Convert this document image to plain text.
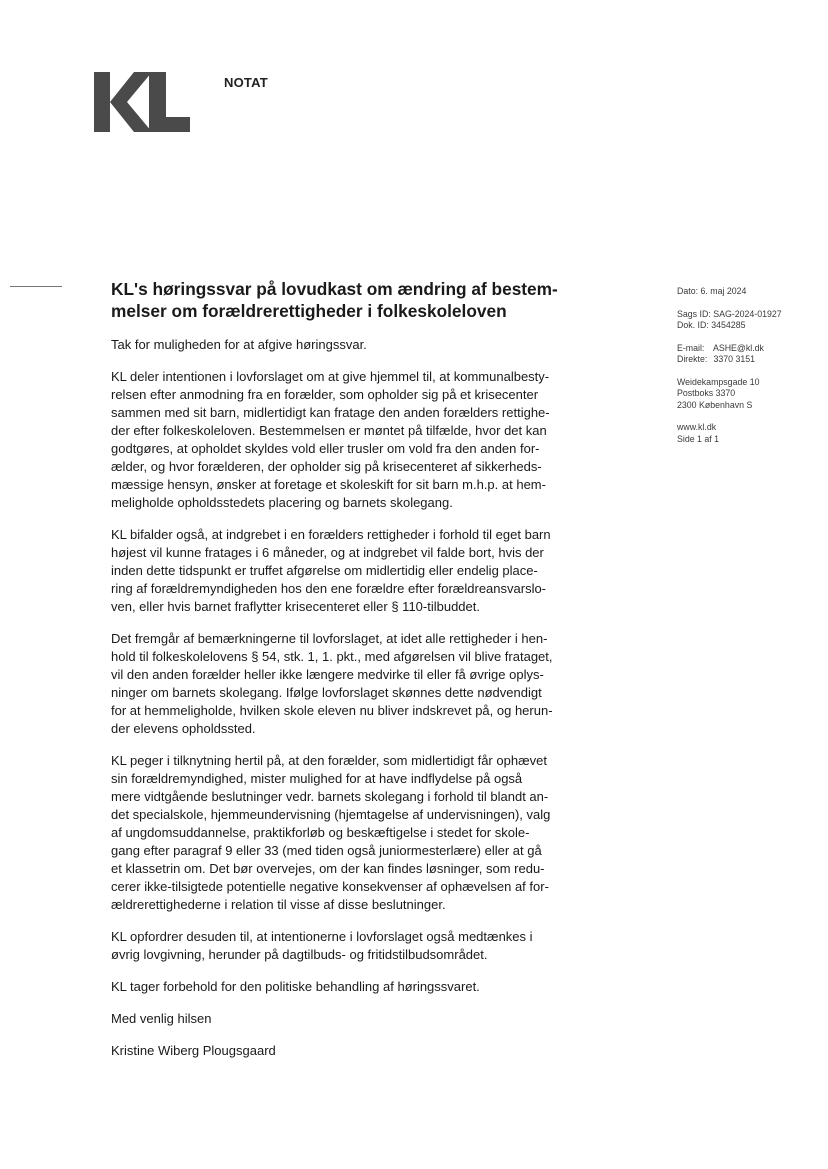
NOTAT
KL's høringssvar på lovudkast om ændring af bestem-
melser om forældrerettigheder i folkeskoleloven

Tak for muligheden for at afgive høringssvar.

KL deler intentionen i lovforslaget om at give hjemmel til, at kommunalbesty-
relsen efter anmodning fra en forælder, som opholder sig på et krisecenter
sammen med sit barn, midlertidigt kan fratage den anden forælders rettighe-
der efter folkeskoleloven. Bestemmelsen er møntet på tilfælde, hvor det kan
godtgøres, at opholdet skyldes vold eller trusler om vold fra den anden for-
ælder, og hvor forælderen, der opholder sig på krisecenteret af sikkerheds-
mæssige hensyn, ønsker at foretage et skoleskift for sit barn m.h.p. at hem-
meligholde opholdsstedets placering og barnets skolegang.

KL bifalder også, at indgrebet i en forælders rettigheder i forhold til eget barn
højest vil kunne fratages i 6 måneder, og at indgrebet vil falde bort, hvis der
inden dette tidspunkt er truffet afgørelse om midlertidig eller endelig place-
ring af forældremyndigheden hos den ene forældre efter forældreansvarslo-
ven, eller hvis barnet fraflytter krisecenteret eller § 110-tilbuddet.

Det fremgår af bemærkningerne til lovforslaget, at idet alle rettigheder i hen-
hold til folkeskolelovens § 54, stk. 1, 1. pkt., med afgørelsen vil blive frataget,
vil den anden forælder heller ikke længere medvirke til eller få øvrige oplys-
ninger om barnets skolegang. Ifølge lovforslaget skønnes dette nødvendigt
for at hemmeligholde, hvilken skole eleven nu bliver indskrevet på, og herun-
der elevens opholdssted.

KL peger i tilknytning hertil på, at den forælder, som midlertidigt får ophævet
sin forældremyndighed, mister mulighed for at have indflydelse på også
mere vidtgående beslutninger vedr. barnets skolegang i forhold til blandt an-
det specialskole, hjemmeundervisning (hjemtagelse af undervisningen), valg
af ungdomsuddannelse, praktikforløb og beskæftigelse i stedet for skole-
gang efter paragraf 9 eller 33 (med tiden også juniormesterlære) eller at gå
et klassetrin om. Det bør overvejes, om der kan findes løsninger, som redu-
cerer ikke-tilsigtede potentielle negative konsekvenser af ophævelsen af for-
ældrerettighederne i relation til visse af disse beslutninger.

KL opfordrer desuden til, at intentionerne i lovforslaget også medtænkes i
øvrig lovgivning, herunder på dagtilbuds- og fritidstilbudsområdet.

KL tager forbehold for den politiske behandling af høringssvaret.

Med venlig hilsen

Kristine Wiberg Plougsgaard

Dato: 6. maj 2024
Sags ID: SAG-2024-01927
Dok. ID: 3454285
E-mail: ASHE@kl.dk
Direkte: 3370 3151
Weidekampsgade 10
Postboks 3370
2300 København S
www.kl.dk
Side 1 af 1
